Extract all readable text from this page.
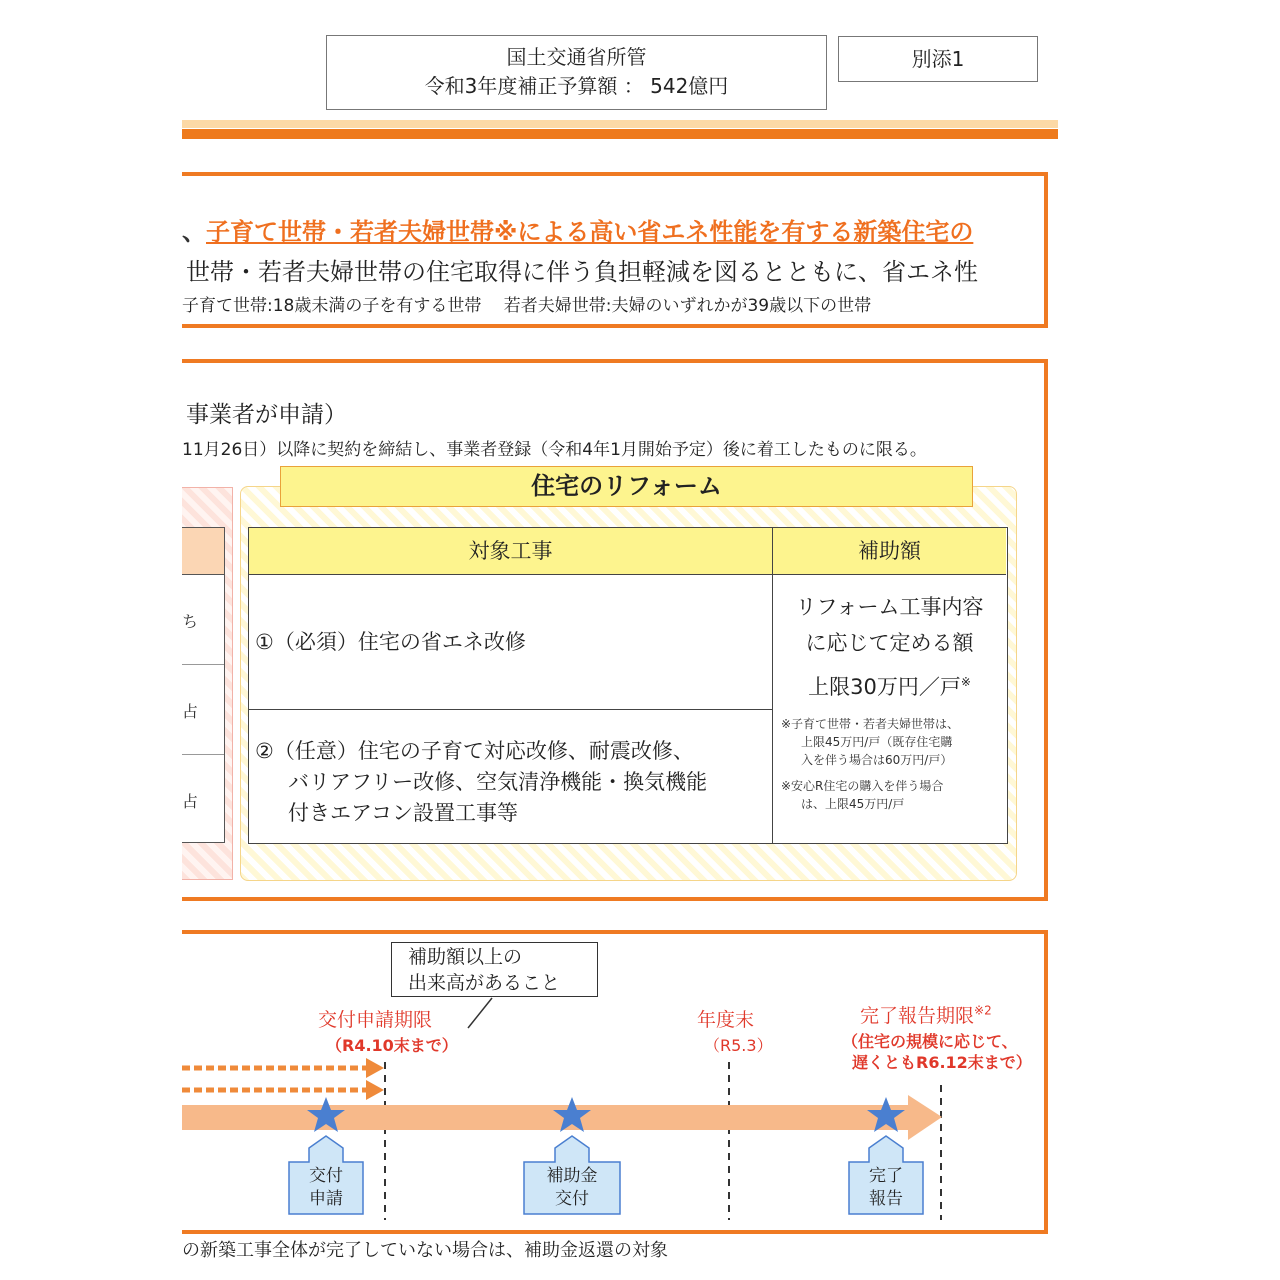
国土交通省所管
令和3年度補正予算額 ： 542億円
別添1
、子育て世帯・若者夫婦世帯※による高い省エネ性能を有する新築住宅の
世帯・若者夫婦世帯の住宅取得に伴う負担軽減を図るとともに、省エネ性
子育て世帯:18歳未満の子を有する世帯　 若者夫婦世帯:夫婦のいずれかが39歳以下の世帯
事業者が申請）
11月26日）以降に契約を締結し、事業者登録（令和4年1月開始予定）後に着工したものに限る。
ち
占
占
住宅のリフォーム
対象工事	補助額
①（必須）住宅の省エネ改修
②（任意）住宅の子育て対応改修、耐震改修、
バリアフリー改修、空気清浄機能・換気機能
付きエアコン設置工事等
リフォーム工事内容
に応じて定める額
上限30万円／戸※
※子育て世帯・若者夫婦世帯は、
上限45万円/戸（既存住宅購
入を伴う場合は60万円/戸）
※安心R住宅の購入を伴う場合
は、上限45万円/戸
補助額以上の
出来高があること
交付申請期限
（R4.10末まで）
年度末
（R5.3）
完了報告期限$^{※2}$
（住宅の規模に応じて、
遅くともR6.12末まで）
交付
申請
補助金
交付
完了
報告
の新築工事全体が完了していない場合は、補助金返還の対象
